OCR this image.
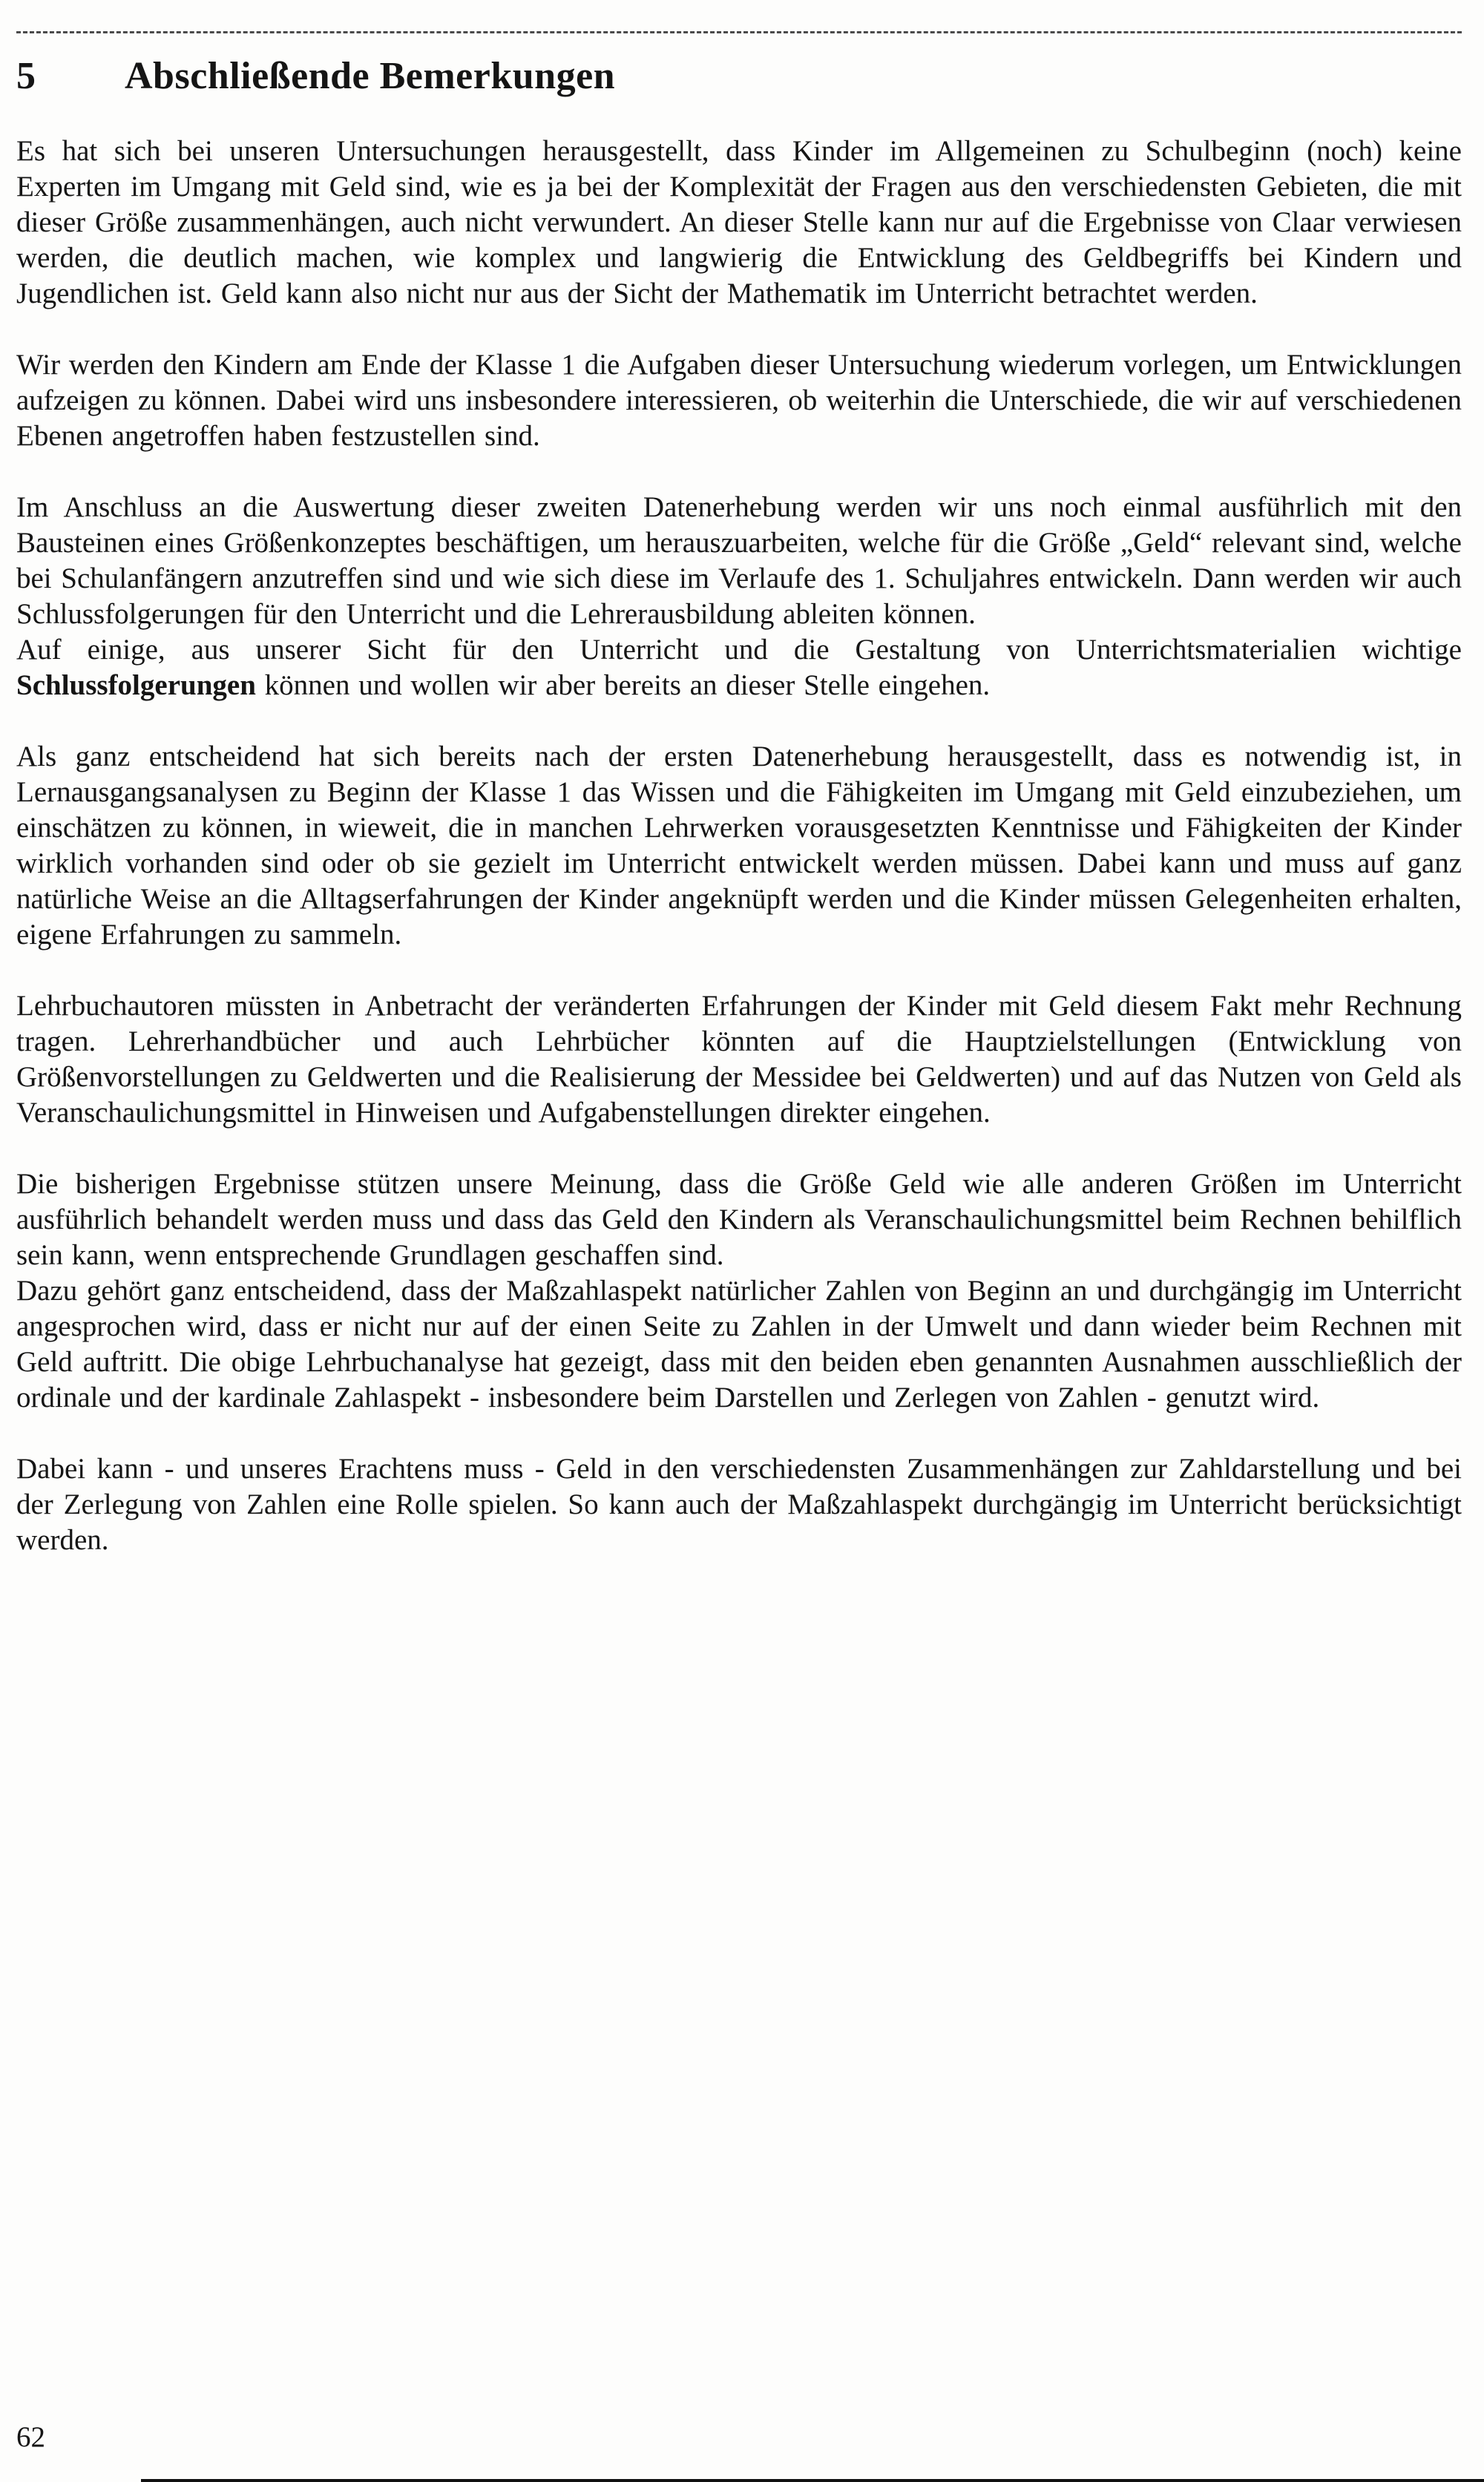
5	Abschließende Bemerkungen

Es hat sich bei unseren Untersuchungen herausgestellt, dass Kinder im Allgemeinen zu Schulbeginn (noch) keine Experten im Umgang mit Geld sind, wie es ja bei der Komplexität der Fragen aus den verschiedensten Gebieten, die mit dieser Größe zusammenhängen, auch nicht verwundert. An dieser Stelle kann nur auf die Ergebnisse von Claar verwiesen werden, die deutlich machen, wie komplex und langwierig die Entwicklung des Geldbegriffs bei Kindern und Jugendlichen ist. Geld kann also nicht nur aus der Sicht der Mathematik im Unterricht betrachtet werden.

Wir werden den Kindern am Ende der Klasse 1 die Aufgaben dieser Untersuchung wiederum vorlegen, um Entwicklungen aufzeigen zu können. Dabei wird uns insbesondere interessieren, ob weiterhin die Unterschiede, die wir auf verschiedenen Ebenen angetroffen haben festzustellen sind.

Im Anschluss an die Auswertung dieser zweiten Datenerhebung werden wir uns noch einmal ausführlich mit den Bausteinen eines Größenkonzeptes beschäftigen, um herauszuarbeiten, welche für die Größe „Geld“ relevant sind, welche bei Schulanfängern anzutreffen sind und wie sich diese im Verlaufe des 1. Schuljahres entwickeln. Dann werden wir auch Schlussfolgerungen für den Unterricht und die Lehrerausbildung ableiten können.

Auf einige, aus unserer Sicht für den Unterricht und die Gestaltung von Unterrichtsmaterialien wichtige Schlussfolgerungen können und wollen wir aber bereits an dieser Stelle eingehen.

Als ganz entscheidend hat sich bereits nach der ersten Datenerhebung herausgestellt, dass es notwendig ist, in Lernausgangsanalysen zu Beginn der Klasse 1 das Wissen und die Fähigkeiten im Umgang mit Geld einzubeziehen, um einschätzen zu können, in wieweit, die in manchen Lehrwerken vorausgesetzten Kenntnisse und Fähigkeiten der Kinder wirklich vorhanden sind oder ob sie gezielt im Unterricht entwickelt werden müssen. Dabei kann und muss auf ganz natürliche Weise an die Alltagserfahrungen der Kinder angeknüpft werden und die Kinder müssen Gelegenheiten erhalten, eigene Erfahrungen zu sammeln.

Lehrbuchautoren müssten in Anbetracht der veränderten Erfahrungen der Kinder mit Geld diesem Fakt mehr Rechnung tragen. Lehrerhandbücher und auch Lehrbücher könnten auf die Hauptzielstellungen (Entwicklung von Größenvorstellungen zu Geldwerten und die Realisierung der Messidee bei Geldwerten) und auf das Nutzen von Geld als Veranschaulichungsmittel in Hinweisen und Aufgabenstellungen direkter eingehen.

Die bisherigen Ergebnisse stützen unsere Meinung, dass die Größe Geld wie alle anderen Größen im Unterricht ausführlich behandelt werden muss und dass das Geld den Kindern als Veranschaulichungsmittel beim Rechnen behilflich sein kann, wenn entsprechende Grundlagen geschaffen sind.

Dazu gehört ganz entscheidend, dass der Maßzahlaspekt natürlicher Zahlen von Beginn an und durchgängig im Unterricht angesprochen wird, dass er nicht nur auf der einen Seite zu Zahlen in der Umwelt und dann wieder beim Rechnen mit Geld auftritt. Die obige Lehrbuchanalyse hat gezeigt, dass mit den beiden eben genannten Ausnahmen ausschließlich der ordinale und der kardinale Zahlaspekt - insbesondere beim Darstellen und Zerlegen von Zahlen - genutzt wird.

Dabei kann - und unseres Erachtens muss - Geld in den verschiedensten Zusammenhängen zur Zahldarstellung und bei der Zerlegung von Zahlen eine Rolle spielen. So kann auch der Maßzahlaspekt durchgängig im Unterricht berücksichtigt werden.

62
